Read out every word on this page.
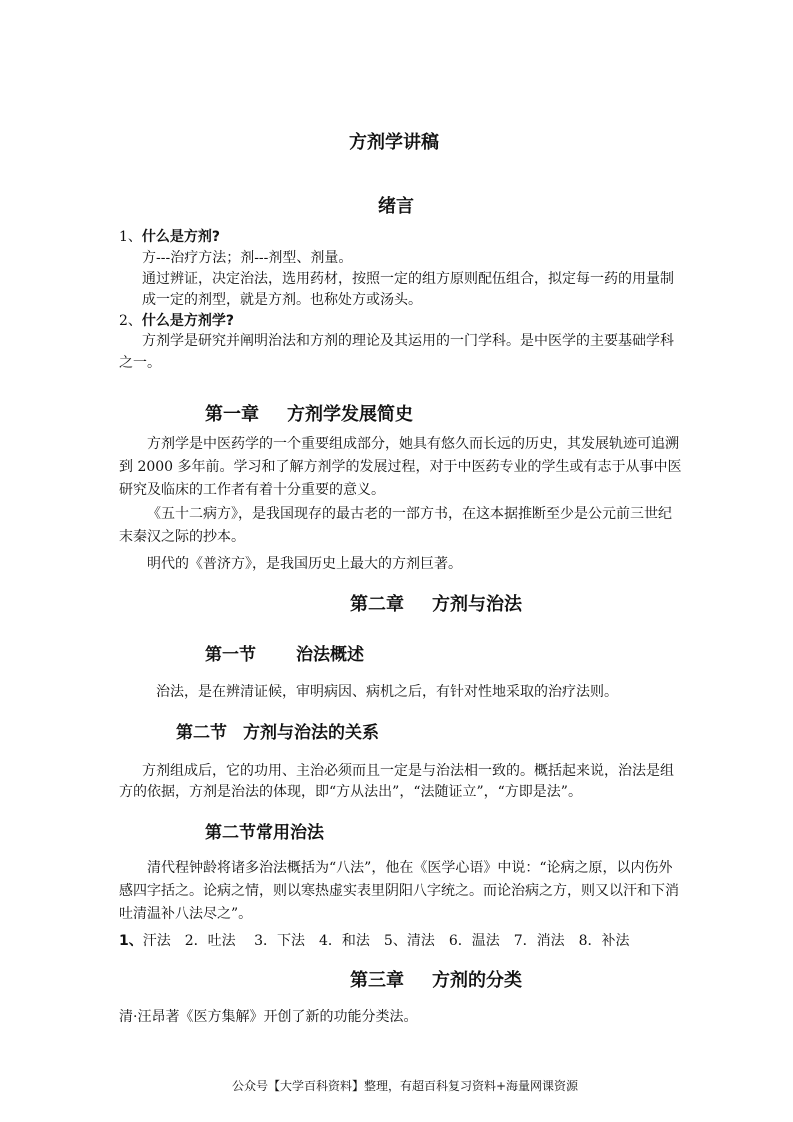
方剂学讲稿
绪言
1、什么是方剂?
方---治疗方法；剂---剂型、剂量。
通过辨证，决定治法，选用药材，按照一定的组方原则配伍组合，拟定每一药的用量制
成一定的剂型，就是方剂。也称处方或汤头。
2、什么是方剂学?
方剂学是研究并阐明治法和方剂的理论及其运用的一门学科。是中医学的主要基础学科
之一。
第一章 方剂学发展简史
方剂学是中医药学的一个重要组成部分，她具有悠久而长远的历史，其发展轨迹可追溯
到 2000 多年前。学习和了解方剂学的发展过程，对于中医药专业的学生或有志于从事中医
研究及临床的工作者有着十分重要的意义。
《五十二病方》，是我国现存的最古老的一部方书，在这本据推断至少是公元前三世纪
末秦汉之际的抄本。
明代的《普济方》，是我国历史上最大的方剂巨著。
第二章 方剂与治法
第一节 治法概述
治法，是在辨清证候，审明病因、病机之后，有针对性地采取的治疗法则。
第二节 方剂与治法的关系
方剂组成后，它的功用、主治必须而且一定是与治法相一致的。概括起来说，治法是组
方的依据，方剂是治法的体现，即“方从法出”，“法随证立”，“方即是法”。
第二节常用治法
清代程钟龄将诸多治法概括为“八法”，他在《医学心语》中说：“论病之原，以内伤外
感四字括之。论病之情，则以寒热虚实表里阴阳八字统之。而论治病之方，则又以汗和下消
吐清温补八法尽之”。
1、汗法　2．吐法　 3．下法　4．和法　5、清法　6．温法　7．消法　8．补法
第三章 方剂的分类
清·汪昂著《医方集解》开创了新的功能分类法。
公众号【大学百科资料】整理，有超百科复习资料+海量网课资源
